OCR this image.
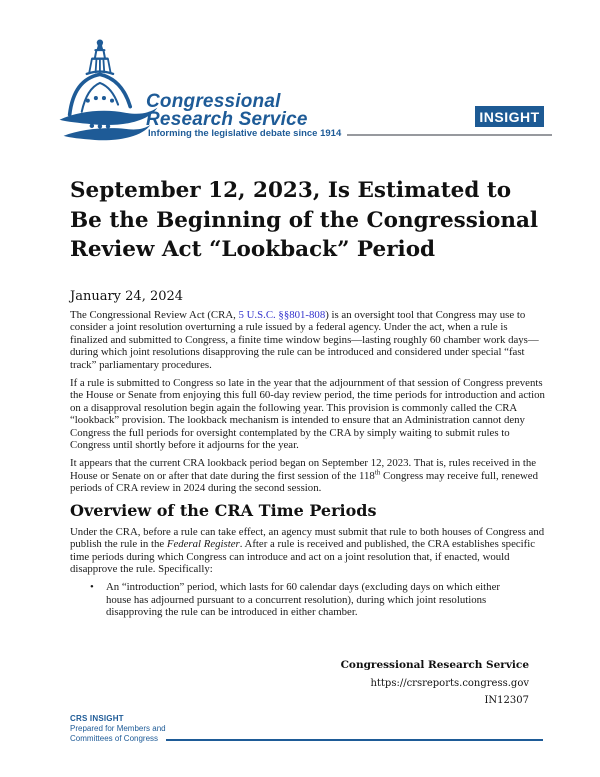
Congressional
Research Service
Informing the legislative debate since 1914
INSIGHT
September 12, 2023, Is Estimated to Be the Beginning of the Congressional Review Act “Lookback” Period
January 24, 2024

The Congressional Review Act (CRA, 5 U.S.C. §§801-808) is an oversight tool that Congress may use to consider a joint resolution overturning a rule issued by a federal agency. Under the act, when a rule is finalized and submitted to Congress, a finite time window begins—lasting roughly 60 chamber work days—during which joint resolutions disapproving the rule can be introduced and considered under special “fast track” parliamentary procedures.

If a rule is submitted to Congress so late in the year that the adjournment of that session of Congress prevents the House or Senate from enjoying this full 60-day review period, the time periods for introduction and action on a disapproval resolution begin again the following year. This provision is commonly called the CRA “lookback” provision. The lookback mechanism is intended to ensure that an Administration cannot deny Congress the full periods for oversight contemplated by the CRA by simply waiting to submit rules to Congress until shortly before it adjourns for the year.

It appears that the current CRA lookback period began on September 12, 2023. That is, rules received in the House or Senate on or after that date during the first session of the 118th Congress may receive full, renewed periods of CRA review in 2024 during the second session.

Overview of the CRA Time Periods

Under the CRA, before a rule can take effect, an agency must submit that rule to both houses of Congress and publish the rule in the Federal Register. After a rule is received and published, the CRA establishes specific time periods during which Congress can introduce and act on a joint resolution that, if enacted, would disapprove the rule. Specifically:

•	An “introduction” period, which lasts for 60 calendar days (excluding days on which either house has adjourned pursuant to a concurrent resolution), during which joint resolutions disapproving the rule can be introduced in either chamber.
Congressional Research Service
https://crsreports.congress.gov
IN12307
CRS INSIGHT
Prepared for Members and
Committees of Congress
